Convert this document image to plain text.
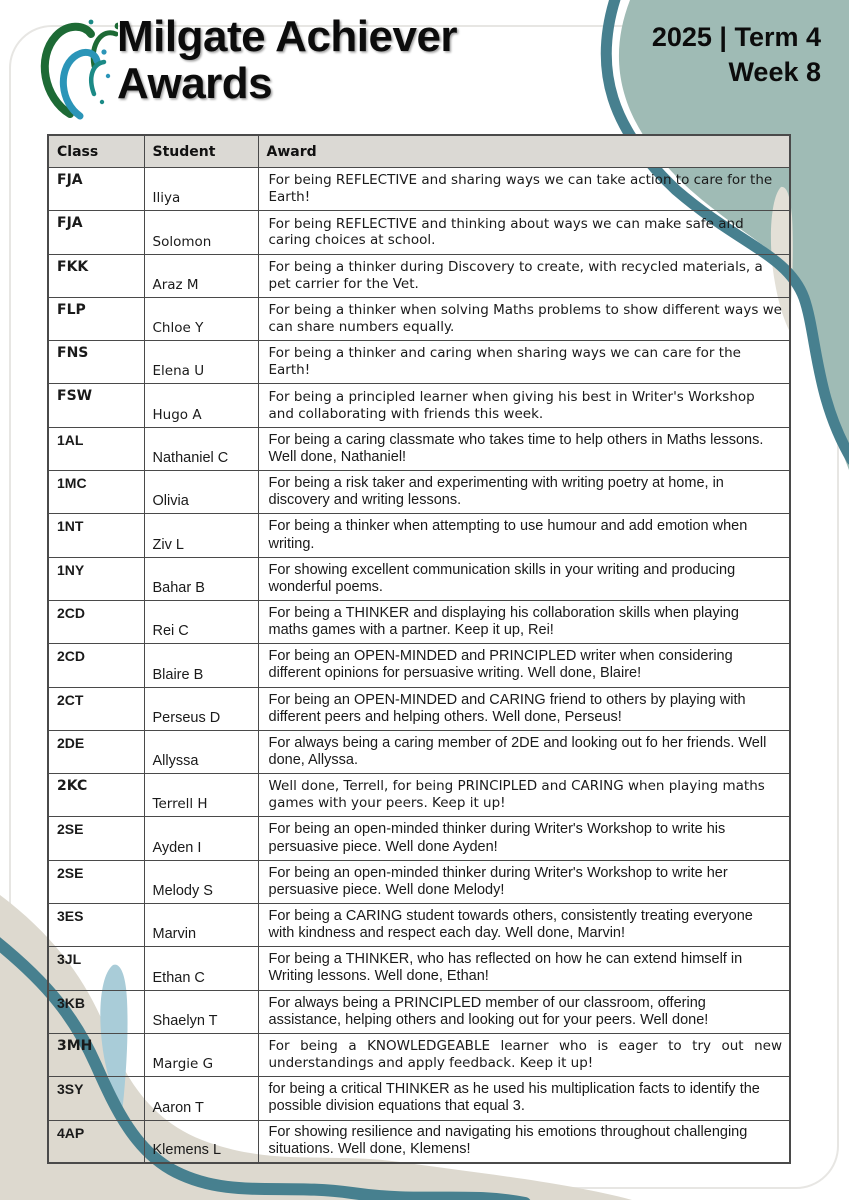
Milgate Achiever
Awards
2025 | Term 4
Week 8
Class	Student	Award
FJA	Iliya	For being REFLECTIVE and sharing ways we can take action to care for the Earth!
FJA	Solomon	For being REFLECTIVE and thinking about ways we can make safe and caring choices at school.
FKK	Araz M	For being a thinker during Discovery to create, with recycled materials, a pet carrier for the Vet.
FLP	Chloe Y	For being a thinker when solving Maths problems to show different ways we can share numbers equally.
FNS	Elena U	For being a thinker and caring when sharing ways we can care for the Earth!
FSW	Hugo A	For being a principled learner when giving his best in Writer's Workshop and collaborating with friends this week.
1AL	Nathaniel C	For being a caring classmate who takes time to help others in Maths lessons. Well done, Nathaniel!
1MC	Olivia	For being a risk taker and experimenting with writing poetry at home, in discovery and writing lessons.
1NT	Ziv L	For being a thinker when attempting to use humour and add emotion when writing.
1NY	Bahar B	For showing excellent communication skills in your writing and producing wonderful poems.
2CD	Rei C	For being a THINKER and displaying his collaboration skills when playing maths games with a partner. Keep it up, Rei!
2CD	Blaire B	For being an OPEN-MINDED and PRINCIPLED writer when considering different opinions for persuasive writing. Well done, Blaire!
2CT	Perseus D	For being an OPEN-MINDED and CARING friend to others by playing with different peers and helping others. Well done, Perseus!
2DE	Allyssa	For always being a caring member of 2DE and looking out fo her friends. Well done, Allyssa.
2KC	Terrell H	Well done, Terrell, for being PRINCIPLED and CARING when playing maths games with your peers. Keep it up!
2SE	Ayden I	For being an open-minded thinker during Writer's Workshop to write his persuasive piece. Well done Ayden!
2SE	Melody S	For being an open-minded thinker during Writer's Workshop to write her persuasive piece. Well done Melody!
3ES	Marvin	For being a CARING student towards others, consistently treating everyone with kindness and respect each day. Well done, Marvin!
3JL	Ethan C	For being a THINKER, who has reflected on how he can extend himself in Writing lessons. Well done, Ethan!
3KB	Shaelyn T	For always being a PRINCIPLED member of our classroom, offering assistance, helping others and looking out for your peers. Well done!
3MH	Margie G	For being a KNOWLEDGEABLE learner who is eager to try out new understandings and apply feedback. Keep it up!
3SY	Aaron T	for being a critical THINKER as he used his multiplication facts to identify the possible division equations that equal 3.
4AP	Klemens L	For showing resilience and navigating his emotions throughout challenging situations. Well done, Klemens!
